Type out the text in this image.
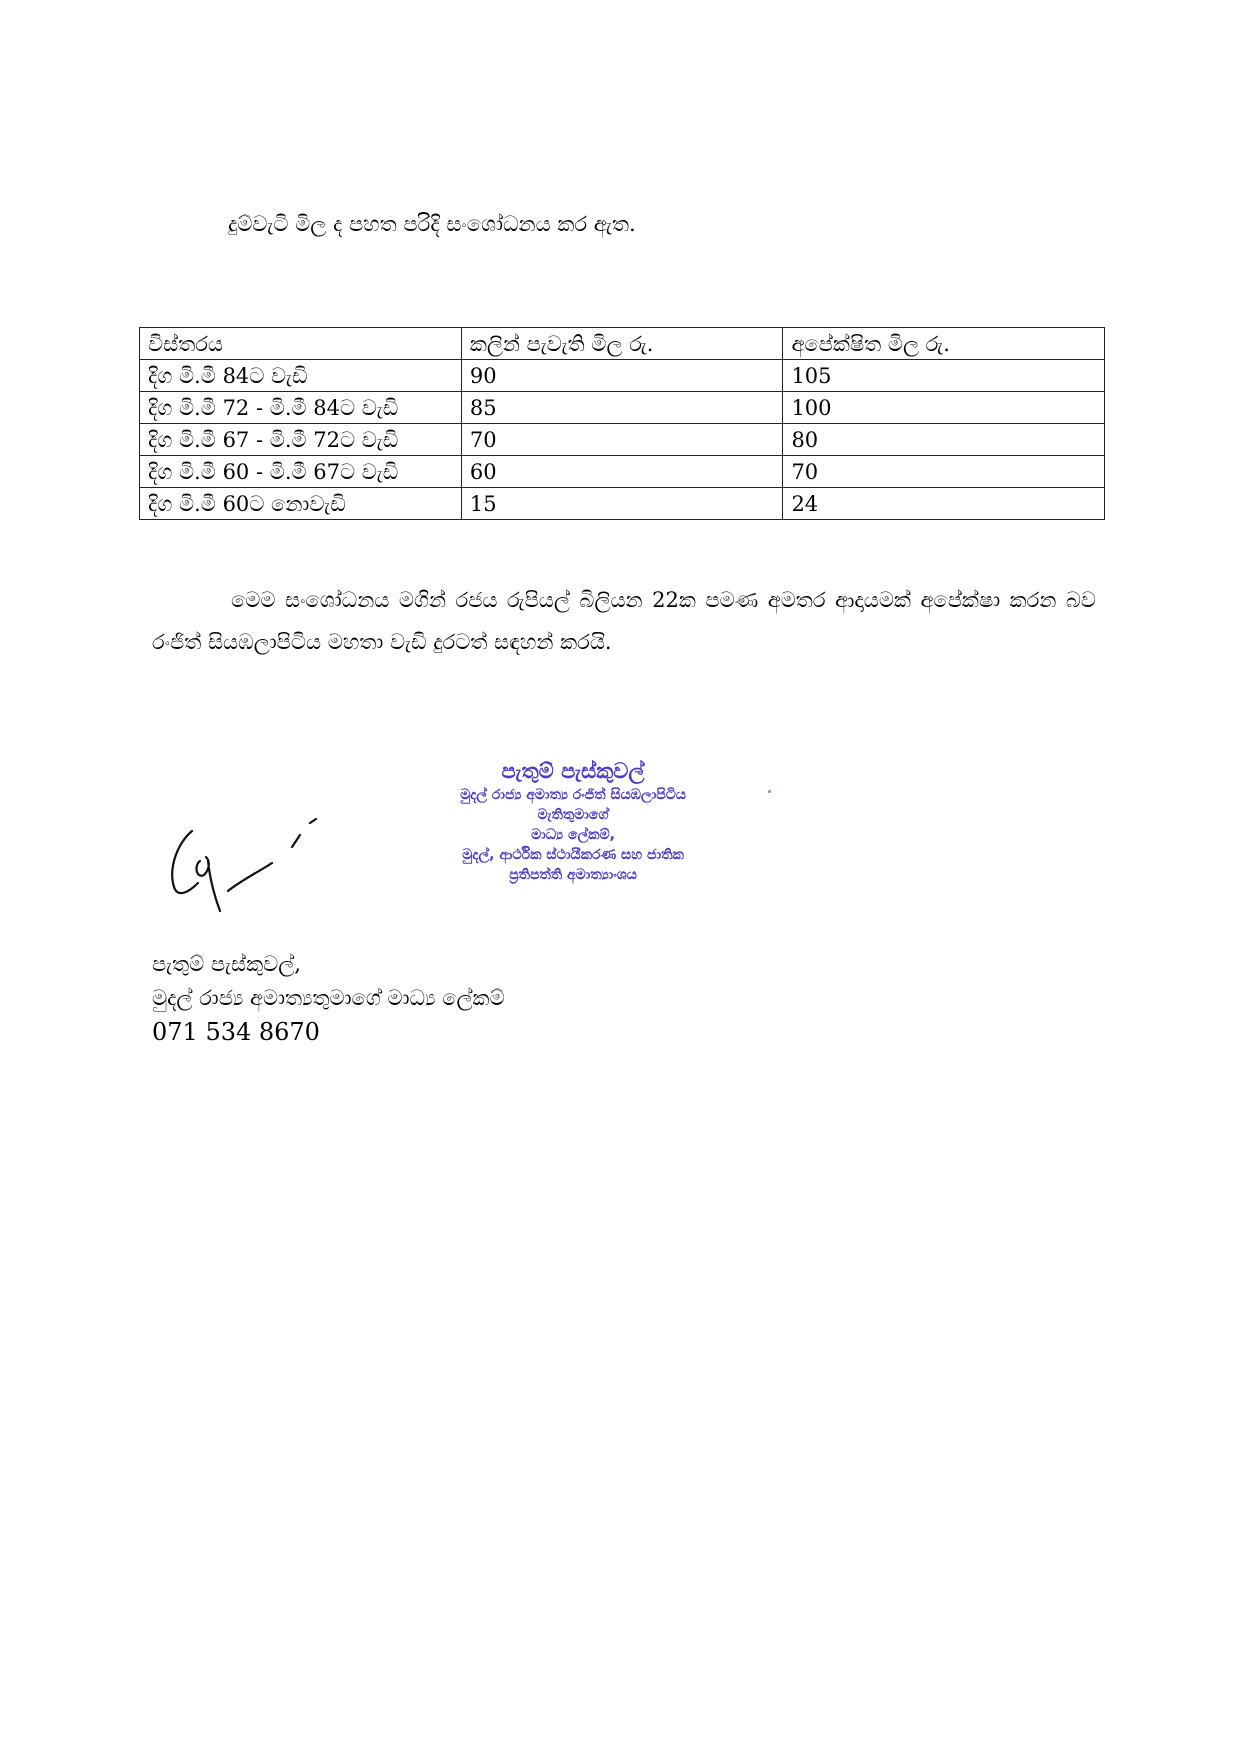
දුම්වැටි මිල ද පහත පරිදි සංශෝධනය කර ඇත.

විස්තරය	කලින් පැවැති මිල රු.	අපේක්ෂිත මිල රු.
දිග මි.මී 84ට වැඩි	90	105
දිග මි.මී 72 - මි.මී 84ට වැඩි	85	100
දිග මි.මී 67 - මි.මී 72ට වැඩි	70	80
දිග මි.මී 60 - මි.මී 67ට වැඩි	60	70
දිග මි.මී 60ට නොවැඩි	15	24

මෙම සංශෝධනය මගින් රජය රුපියල් බිලියන 22ක පමණ අමතර ආදායමක් අපේක්ෂා කරන බව රංජිත් සියඹලාපිටිය මහතා වැඩි දුරටත් සඳහන් කරයි.

පැතුම් පැස්කුවල්
මුදල් රාජ්‍ය අමාත්‍ය රංජිත් සියඹලාපිටිය
මැතිතුමාගේ
මාධ්‍ය ලේකම්,
මුදල්, ආර්ථික ස්ථායීකරණ සහ ජාතික
ප්‍රතිපත්ති අමාත්‍යාංශය
පැතුම් පැස්කුවල්,
මුදල් රාජ්‍ය අමාත්‍යතුමාගේ මාධ්‍ය ලේකම්
071 534 8670
